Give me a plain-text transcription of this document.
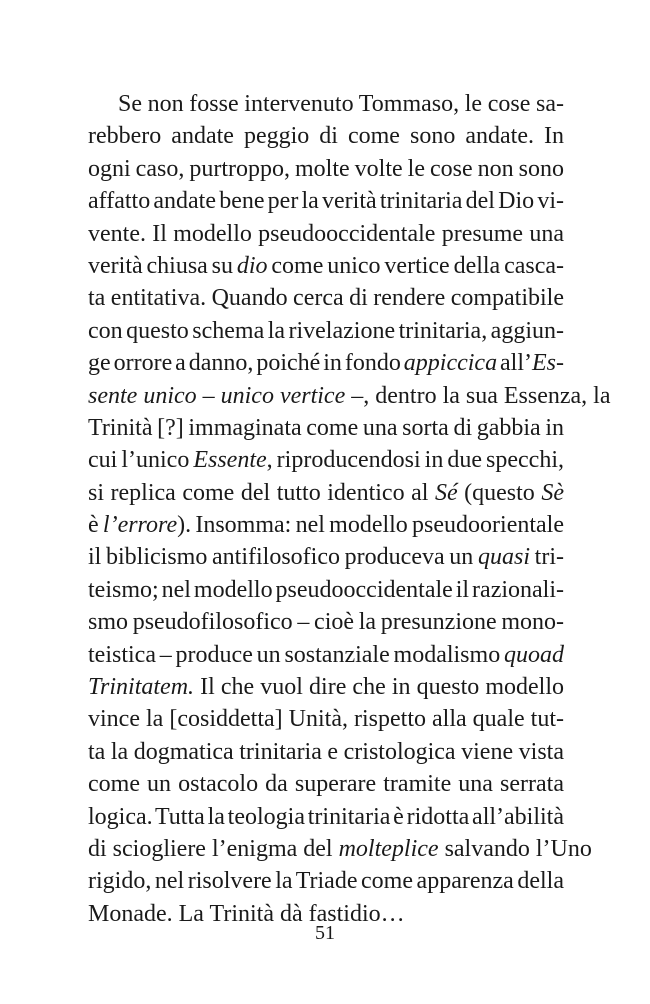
Se non fosse intervenuto Tommaso, le cose sa-
rebbero andate peggio di come sono andate. In
ogni caso, purtroppo, molte volte le cose non sono
affatto andate bene per la verità trinitaria del Dio vi-
vente. Il modello pseudooccidentale presume una
verità chiusa su dio come unico vertice della casca-
ta entitativa. Quando cerca di rendere compatibile
con questo schema la rivelazione trinitaria, aggiun-
ge orrore a danno, poiché in fondo appiccica all’Es-
sente unico – unico vertice –, dentro la sua Essenza, la
Trinità [?] immaginata come una sorta di gabbia in
cui l’unico Essente, riproducendosi in due specchi,
si replica come del tutto identico al Sé (questo Sè
è l’errore). Insomma: nel modello pseudoorientale
il biblicismo antifilosofico produceva un quasi tri-
teismo; nel modello pseudooccidentale il razionali-
smo pseudofilosofico – cioè la presunzione mono-
teistica – produce un sostanziale modalismo quoad
Trinitatem. Il che vuol dire che in questo modello
vince la [cosiddetta] Unità, rispetto alla quale tut-
ta la dogmatica trinitaria e cristologica viene vista
come un ostacolo da superare tramite una serrata
logica. Tutta la teologia trinitaria è ridotta all’abilità
di sciogliere l’enigma del molteplice salvando l’Uno
rigido, nel risolvere la Triade come apparenza della
Monade. La Trinità dà fastidio…
51
